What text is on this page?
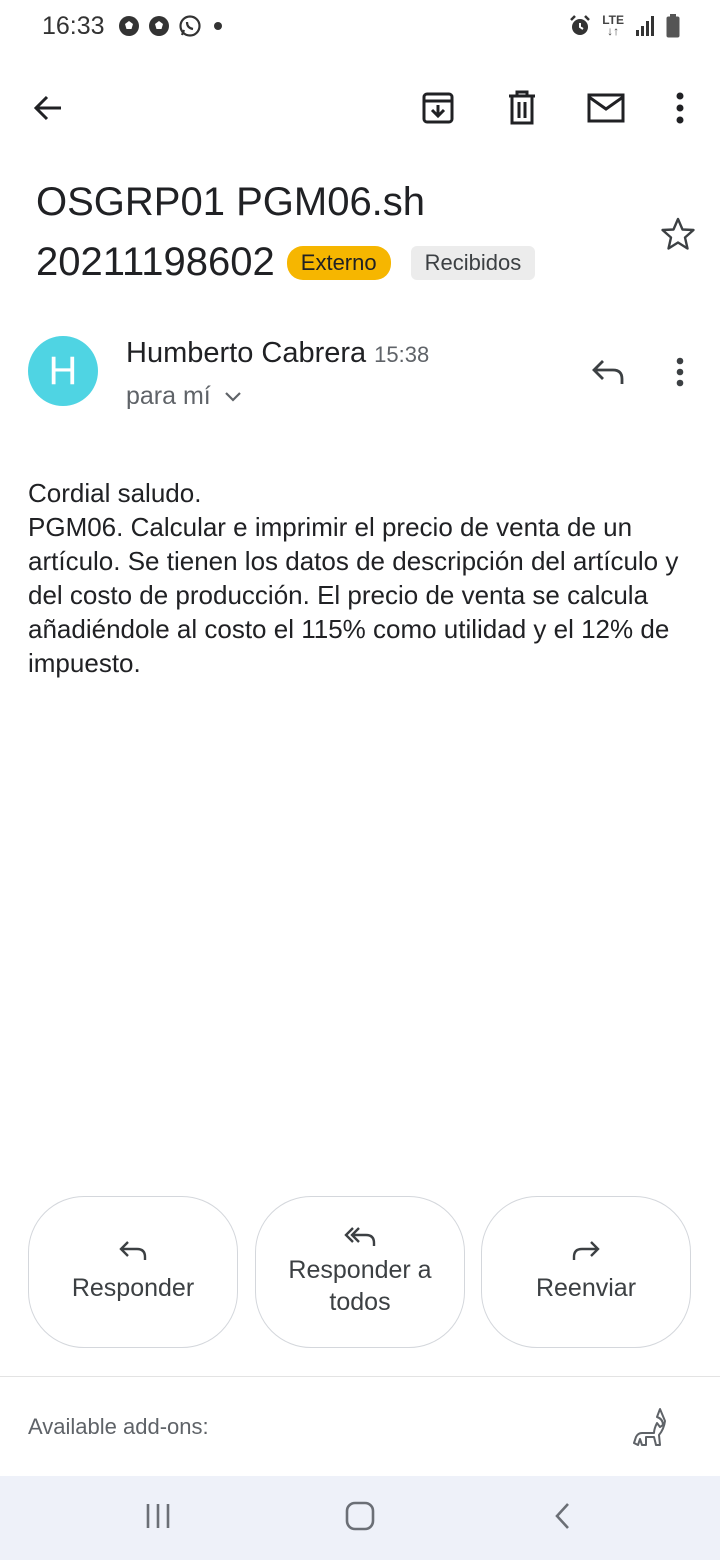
16:33	LTE
↓↑
OSGRP01 PGM06.sh
20211198602	Externo	Recibidos
H	Humberto Cabrera 15:38
para mí
Cordial saludo.
PGM06. Calcular e imprimir el precio de venta de un artículo. Se tienen los datos de descripción del artículo y del costo de producción. El precio de venta se calcula añadiéndole al costo el 115% como utilidad y el 12% de impuesto.
Responder
Responder a
todos	Reenviar
Available add-ons:
